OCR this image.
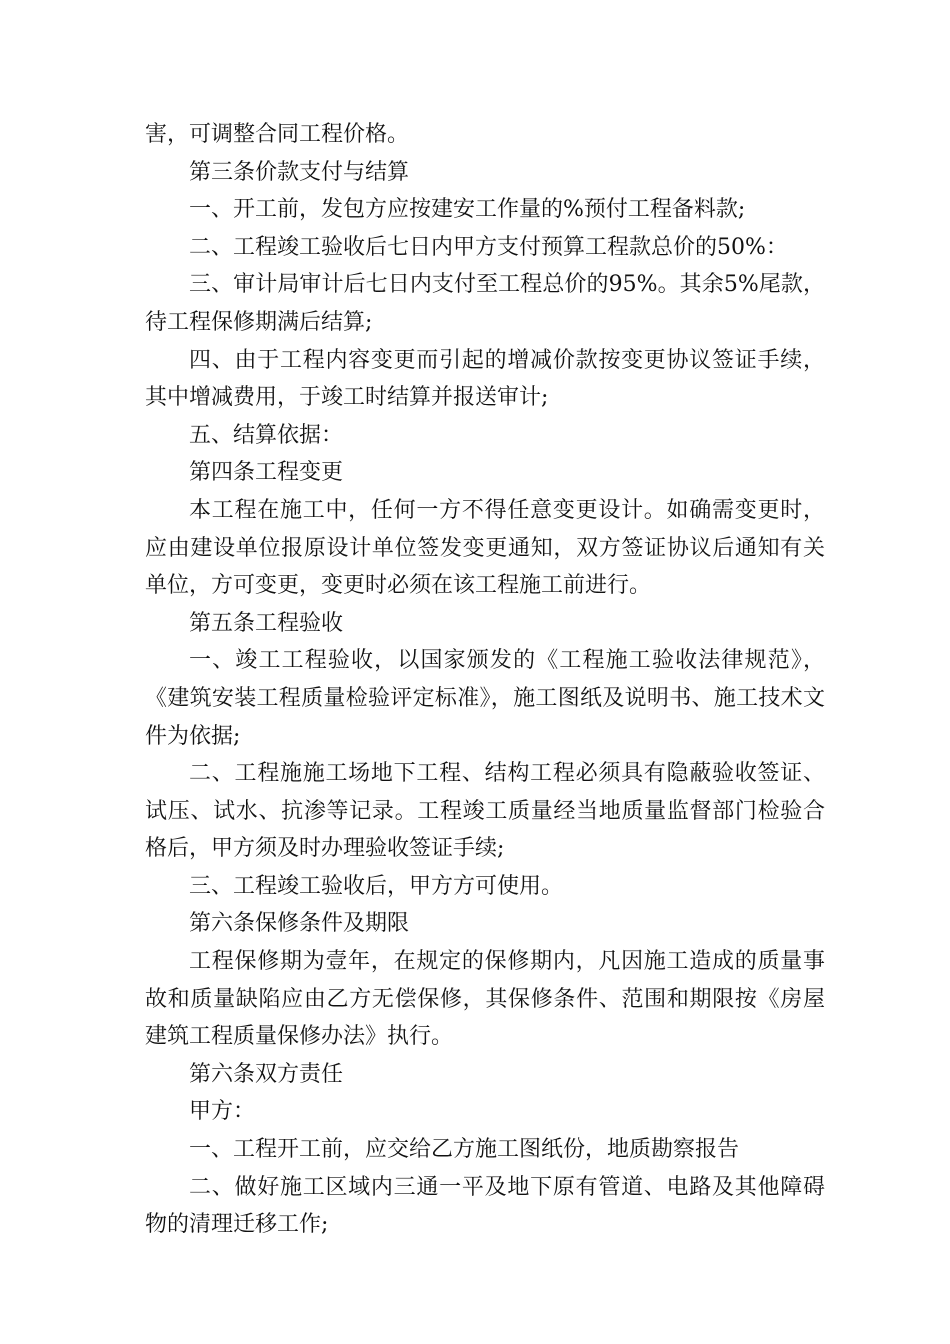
害，可调整合同工程价格。

第三条价款支付与结算

一、开工前，发包方应按建安工作量的%预付工程备料款;

二、工程竣工验收后七日内甲方支付预算工程款总价的50%：

三、审计局审计后七日内支付至工程总价的95%。其余5%尾款，待工程保修期满后结算;

四、由于工程内容变更而引起的增减价款按变更协议签证手续，其中增减费用，于竣工时结算并报送审计;

五、结算依据：

第四条工程变更

本工程在施工中，任何一方不得任意变更设计。如确需变更时，应由建设单位报原设计单位签发变更通知，双方签证协议后通知有关单位，方可变更，变更时必须在该工程施工前进行。

第五条工程验收

一、竣工工程验收，以国家颁发的《工程施工验收法律规范》，《建筑安装工程质量检验评定标准》，施工图纸及说明书、施工技术文件为依据;

二、工程施施工场地下工程、结构工程必须具有隐蔽验收签证、试压、试水、抗渗等记录。工程竣工质量经当地质量监督部门检验合格后，甲方须及时办理验收签证手续;

三、工程竣工验收后，甲方方可使用。

第六条保修条件及期限

工程保修期为壹年，在规定的保修期内，凡因施工造成的质量事故和质量缺陷应由乙方无偿保修，其保修条件、范围和期限按《房屋建筑工程质量保修办法》执行。

第六条双方责任

甲方：

一、工程开工前，应交给乙方施工图纸份，地质勘察报告

二、做好施工区域内三通一平及地下原有管道、电路及其他障碍物的清理迁移工作;
